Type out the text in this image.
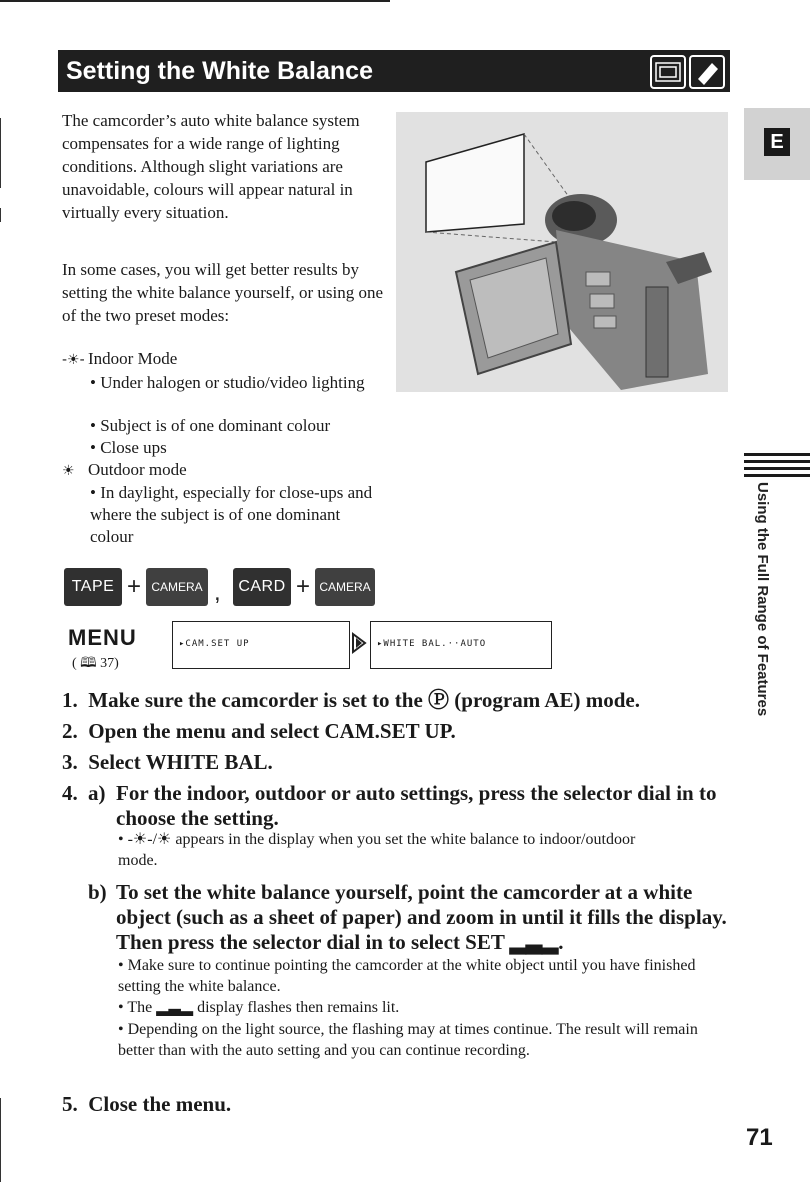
Setting the White Balance
E
The camcorder’s auto white balance system compensates for a wide range of lighting conditions. Although slight variations are unavoidable, colours will appear natural in virtually every situation.
In some cases, you will get better results by setting the white balance yourself, or using one of the two preset modes:
-☀- Indoor Mode
• Under halogen or studio/video lighting
• Subject is of one dominant colour
• Close ups
☀ Outdoor mode
• In daylight, especially for close-ups and where the subject is of one dominant colour	Using the Full Range of Features
TAPE + CAMERA ,	CARD + CAMERA
MENU
( 🕮 37)
▸CAM.SET UP	▸WHITE BAL.··AUTO
1. Make sure the camcorder is set to the Ⓟ (program AE) mode.
2. Open the menu and select CAM.SET UP.
3. Select WHITE BAL.
4. a) For the indoor, outdoor or auto settings, press the selector dial in to choose the setting.
• -☀-/☀ appears in the display when you set the white balance to indoor/outdoor mode.
b) To set the white balance yourself, point the camcorder at a white object (such as a sheet of paper) and zoom in until it fills the display. Then press the selector dial in to select SET ▂▃▂.
• Make sure to continue pointing the camcorder at the white object until you have finished setting the white balance.
• The ▂▃▂ display flashes then remains lit.
• Depending on the light source, the flashing may at times continue. The result will remain better than with the auto setting and you can continue recording.
5. Close the menu.
71
